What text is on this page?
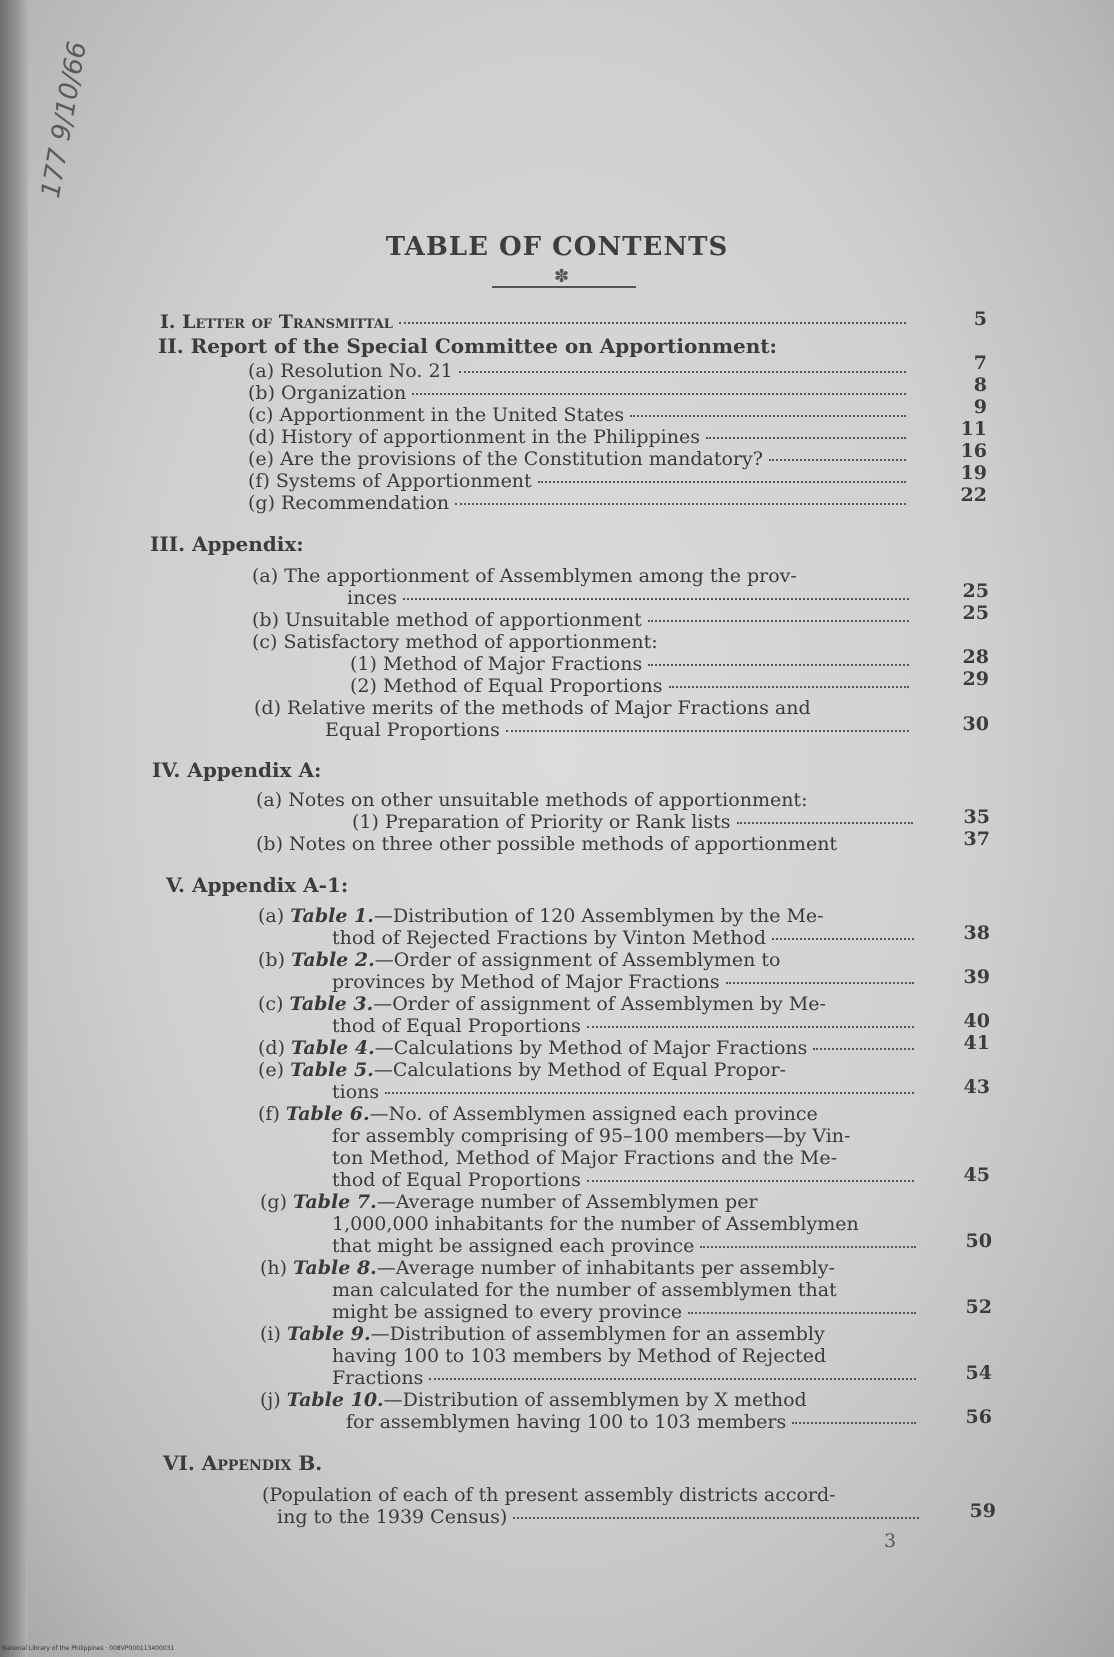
177 9/10/66
TABLE OF CONTENTS
✽
I. Letter of Transmittal	5
II. Report of the Special Committee on Apportionment:
(a) Resolution No. 21	7
(b) Organization	8
(c) Apportionment in the United States	9
(d) History of apportionment in the Philippines	11
(e) Are the provisions of the Constitution mandatory?	16
(f) Systems of Apportionment	19
(g) Recommendation	22
III. Appendix:
(a) The apportionment of Assemblymen among the prov-
inces	25
(b) Unsuitable method of apportionment	25
(c) Satisfactory method of apportionment:
(1) Method of Major Fractions	28
(2) Method of Equal Proportions	29
(d) Relative merits of the methods of Major Fractions and
Equal Proportions	30
IV. Appendix A:
(a) Notes on other unsuitable methods of apportionment:
(1) Preparation of Priority or Rank lists	35
(b) Notes on three other possible methods of apportionment	37
V. Appendix A-1:
(a) Table 1.—Distribution of 120 Assemblymen by the Me-
thod of Rejected Fractions by Vinton Method	38
(b) Table 2.—Order of assignment of Assemblymen to
provinces by Method of Major Fractions	39
(c) Table 3.—Order of assignment of Assemblymen by Me-
thod of Equal Proportions	40
(d) Table 4.—Calculations by Method of Major Fractions	41
(e) Table 5.—Calculations by Method of Equal Propor-
tions	43
(f) Table 6.—No. of Assemblymen assigned each province
for assembly comprising of 95–100 members—by Vin-
ton Method, Method of Major Fractions and the Me-
thod of Equal Proportions	45
(g) Table 7.—Average number of Assemblymen per
1,000,000 inhabitants for the number of Assemblymen
that might be assigned each province	50
(h) Table 8.—Average number of inhabitants per assembly-
man calculated for the number of assemblymen that
might be assigned to every province	52
(i) Table 9.—Distribution of assemblymen for an assembly
having 100 to 103 members by Method of Rejected
Fractions	54
(j) Table 10.—Distribution of assemblymen by X method
for assemblymen having 100 to 103 members	56
VI. Appendix B.
(Population of each of th present assembly districts accord-
ing to the 1939 Census)	59
3
National Library of the Philippines · 008VP000113400031
